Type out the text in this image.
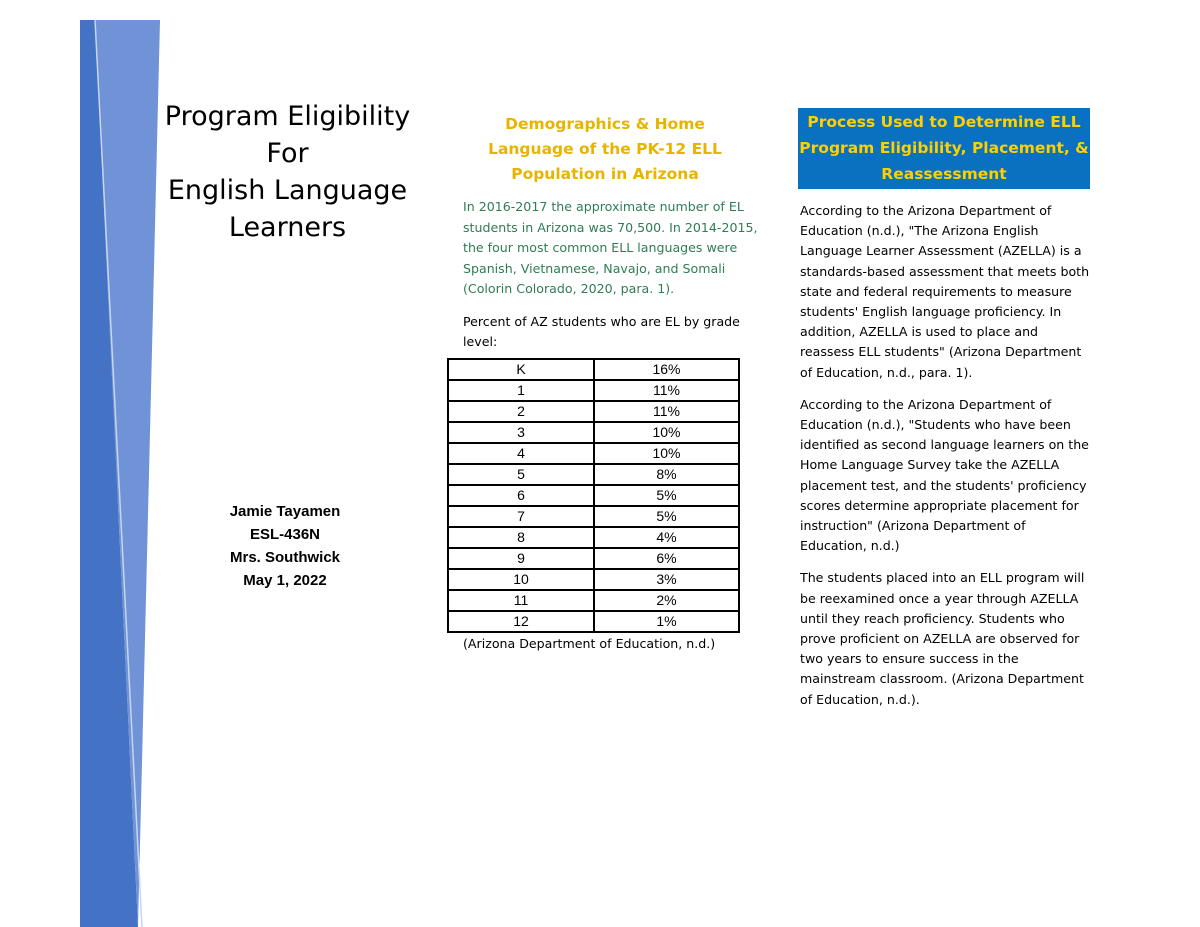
Program Eligibility
For
English Language
Learners
Jamie Tayamen
ESL-436N
Mrs. Southwick
May 1, 2022
Demographics & Home
Language of the PK-12 ELL
Population in Arizona

In 2016-2017 the approximate number of EL students in Arizona was 70,500. In 2014-2015, the four most common ELL languages were Spanish, Vietnamese, Navajo, and Somali (Colorin Colorado, 2020, para. 1).

Percent of AZ students who are EL by grade level:

K	16%
1	11%
2	11%
3	10%
4	10%
5	8%
6	5%
7	5%
8	4%
9	6%
10	3%
11	2%
12	1%
(Arizona Department of Education, n.d.)
Process Used to Determine ELL
Program Eligibility, Placement, &
Reassessment

According to the Arizona Department of Education (n.d.), "The Arizona English Language Learner Assessment (AZELLA) is a standards-based assessment that meets both state and federal requirements to measure students' English language proficiency. In addition, AZELLA is used to place and reassess ELL students" (Arizona Department of Education, n.d., para. 1).

According to the Arizona Department of Education (n.d.), "Students who have been identified as second language learners on the Home Language Survey take the AZELLA placement test, and the students' proficiency scores determine appropriate placement for instruction" (Arizona Department of Education, n.d.)

The students placed into an ELL program will be reexamined once a year through AZELLA until they reach proficiency. Students who prove proficient on AZELLA are observed for two years to ensure success in the mainstream classroom. (Arizona Department of Education, n.d.).
